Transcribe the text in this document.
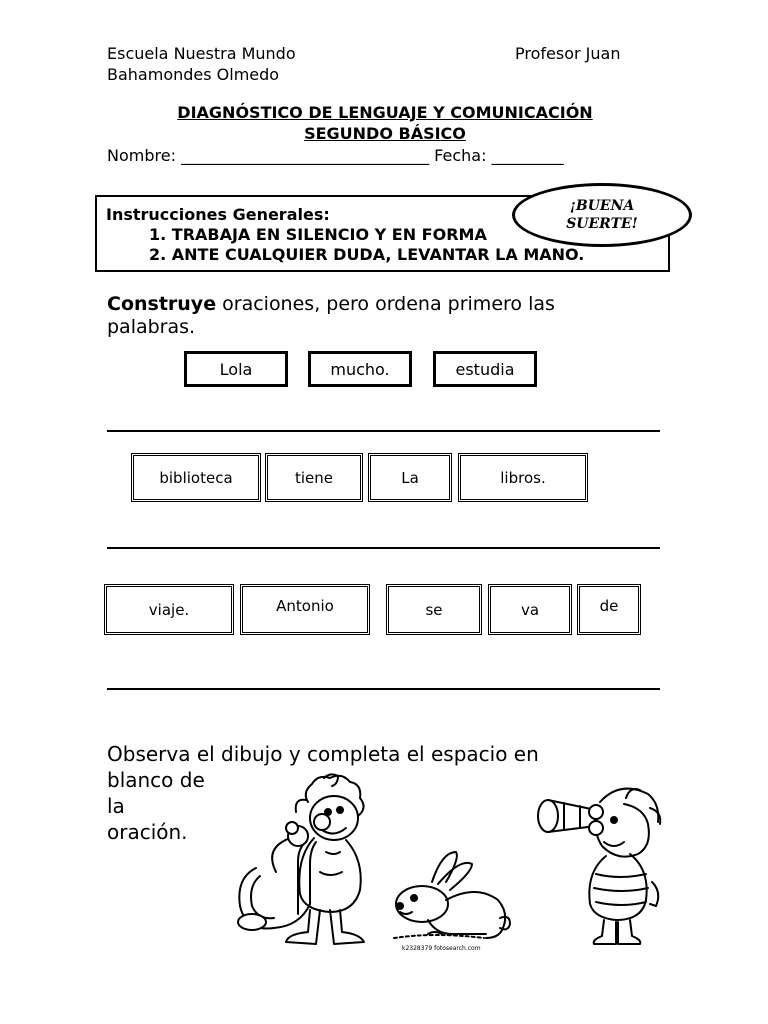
Escuela Nuestra Mundo
Bahamondes Olmedo
Profesor Juan
DIAGNÓSTICO DE LENGUAJE Y COMUNICACIÓN
SEGUNDO BÁSICO
Nombre: _______________________________ Fecha: _________
Instrucciones Generales:
1. TRABAJA EN SILENCIO Y EN FORMA
2. ANTE CUALQUIER DUDA, LEVANTAR LA MANO.
¡BUENA SUERTE!
Construye oraciones, pero ordena primero las
palabras.
Lola	mucho.	estudia
biblioteca	tiene	La	libros.
viaje.	Antonio	se	va	de
Observa el dibujo y completa el espacio en
blanco de
la
oración.
k2328379 fotosearch.com
